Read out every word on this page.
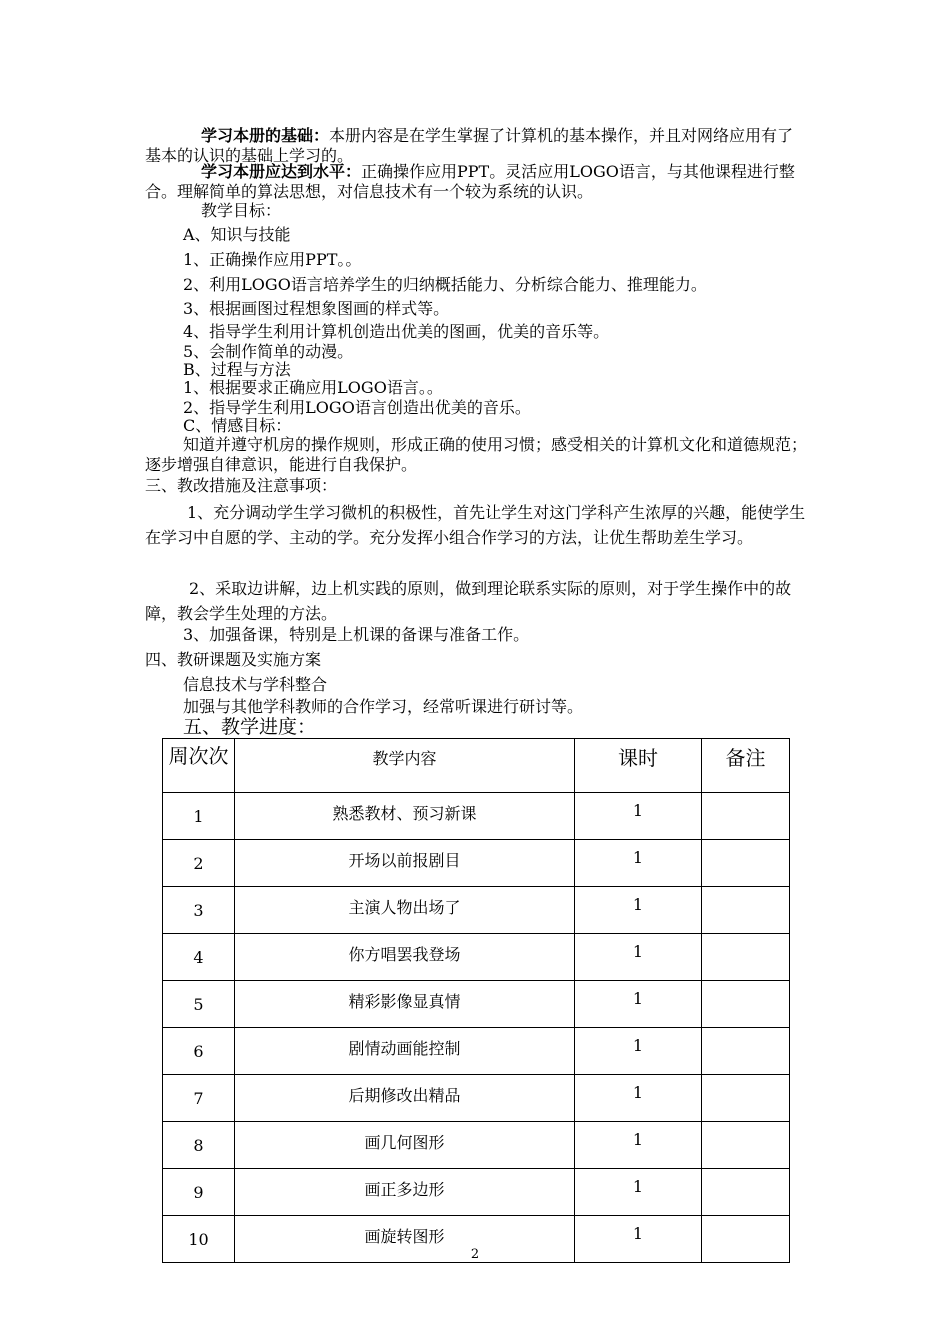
学习本册的基础：本册内容是在学生掌握了计算机的基本操作，并且对网络应用有了基本的认识的基础上学习的。

学习本册应达到水平：正确操作应用PPT。灵活应用LOGO语言，与其他课程进行整合。理解简单的算法思想，对信息技术有一个较为系统的认识。

教学目标：

A、知识与技能

1、正确操作应用PPT。。

2、利用LOGO语言培养学生的归纳概括能力、分析综合能力、推理能力。

3、根据画图过程想象图画的样式等。

4、指导学生利用计算机创造出优美的图画，优美的音乐等。

5、会制作简单的动漫。

B、过程与方法

1、根据要求正确应用LOGO语言。。

2、指导学生利用LOGO语言创造出优美的音乐。

C、情感目标：

知道并遵守机房的操作规则，形成正确的使用习惯；感受相关的计算机文化和道德规范；逐步增强自律意识，能进行自我保护。

三、教改措施及注意事项：

1、充分调动学生学习微机的积极性，首先让学生对这门学科产生浓厚的兴趣，能使学生在学习中自愿的学、主动的学。充分发挥小组合作学习的方法，让优生帮助差生学习。

2、采取边讲解，边上机实践的原则，做到理论联系实际的原则，对于学生操作中的故障，教会学生处理的方法。

3、加强备课，特别是上机课的备课与准备工作。

四、教研课题及实施方案

信息技术与学科整合

加强与其他学科教师的合作学习，经常听课进行研讨等。

五、教学进度：

周次次	教学内容	课时	备注
1	熟悉教材、预习新课	1	
2	开场以前报剧目	1	
3	主演人物出场了	1	
4	你方唱罢我登场	1	
5	精彩影像显真情	1	
6	剧情动画能控制	1	
7	后期修改出精品	1	
8	画几何图形	1	
9	画正多边形	1	
10	画旋转图形	1	
2
